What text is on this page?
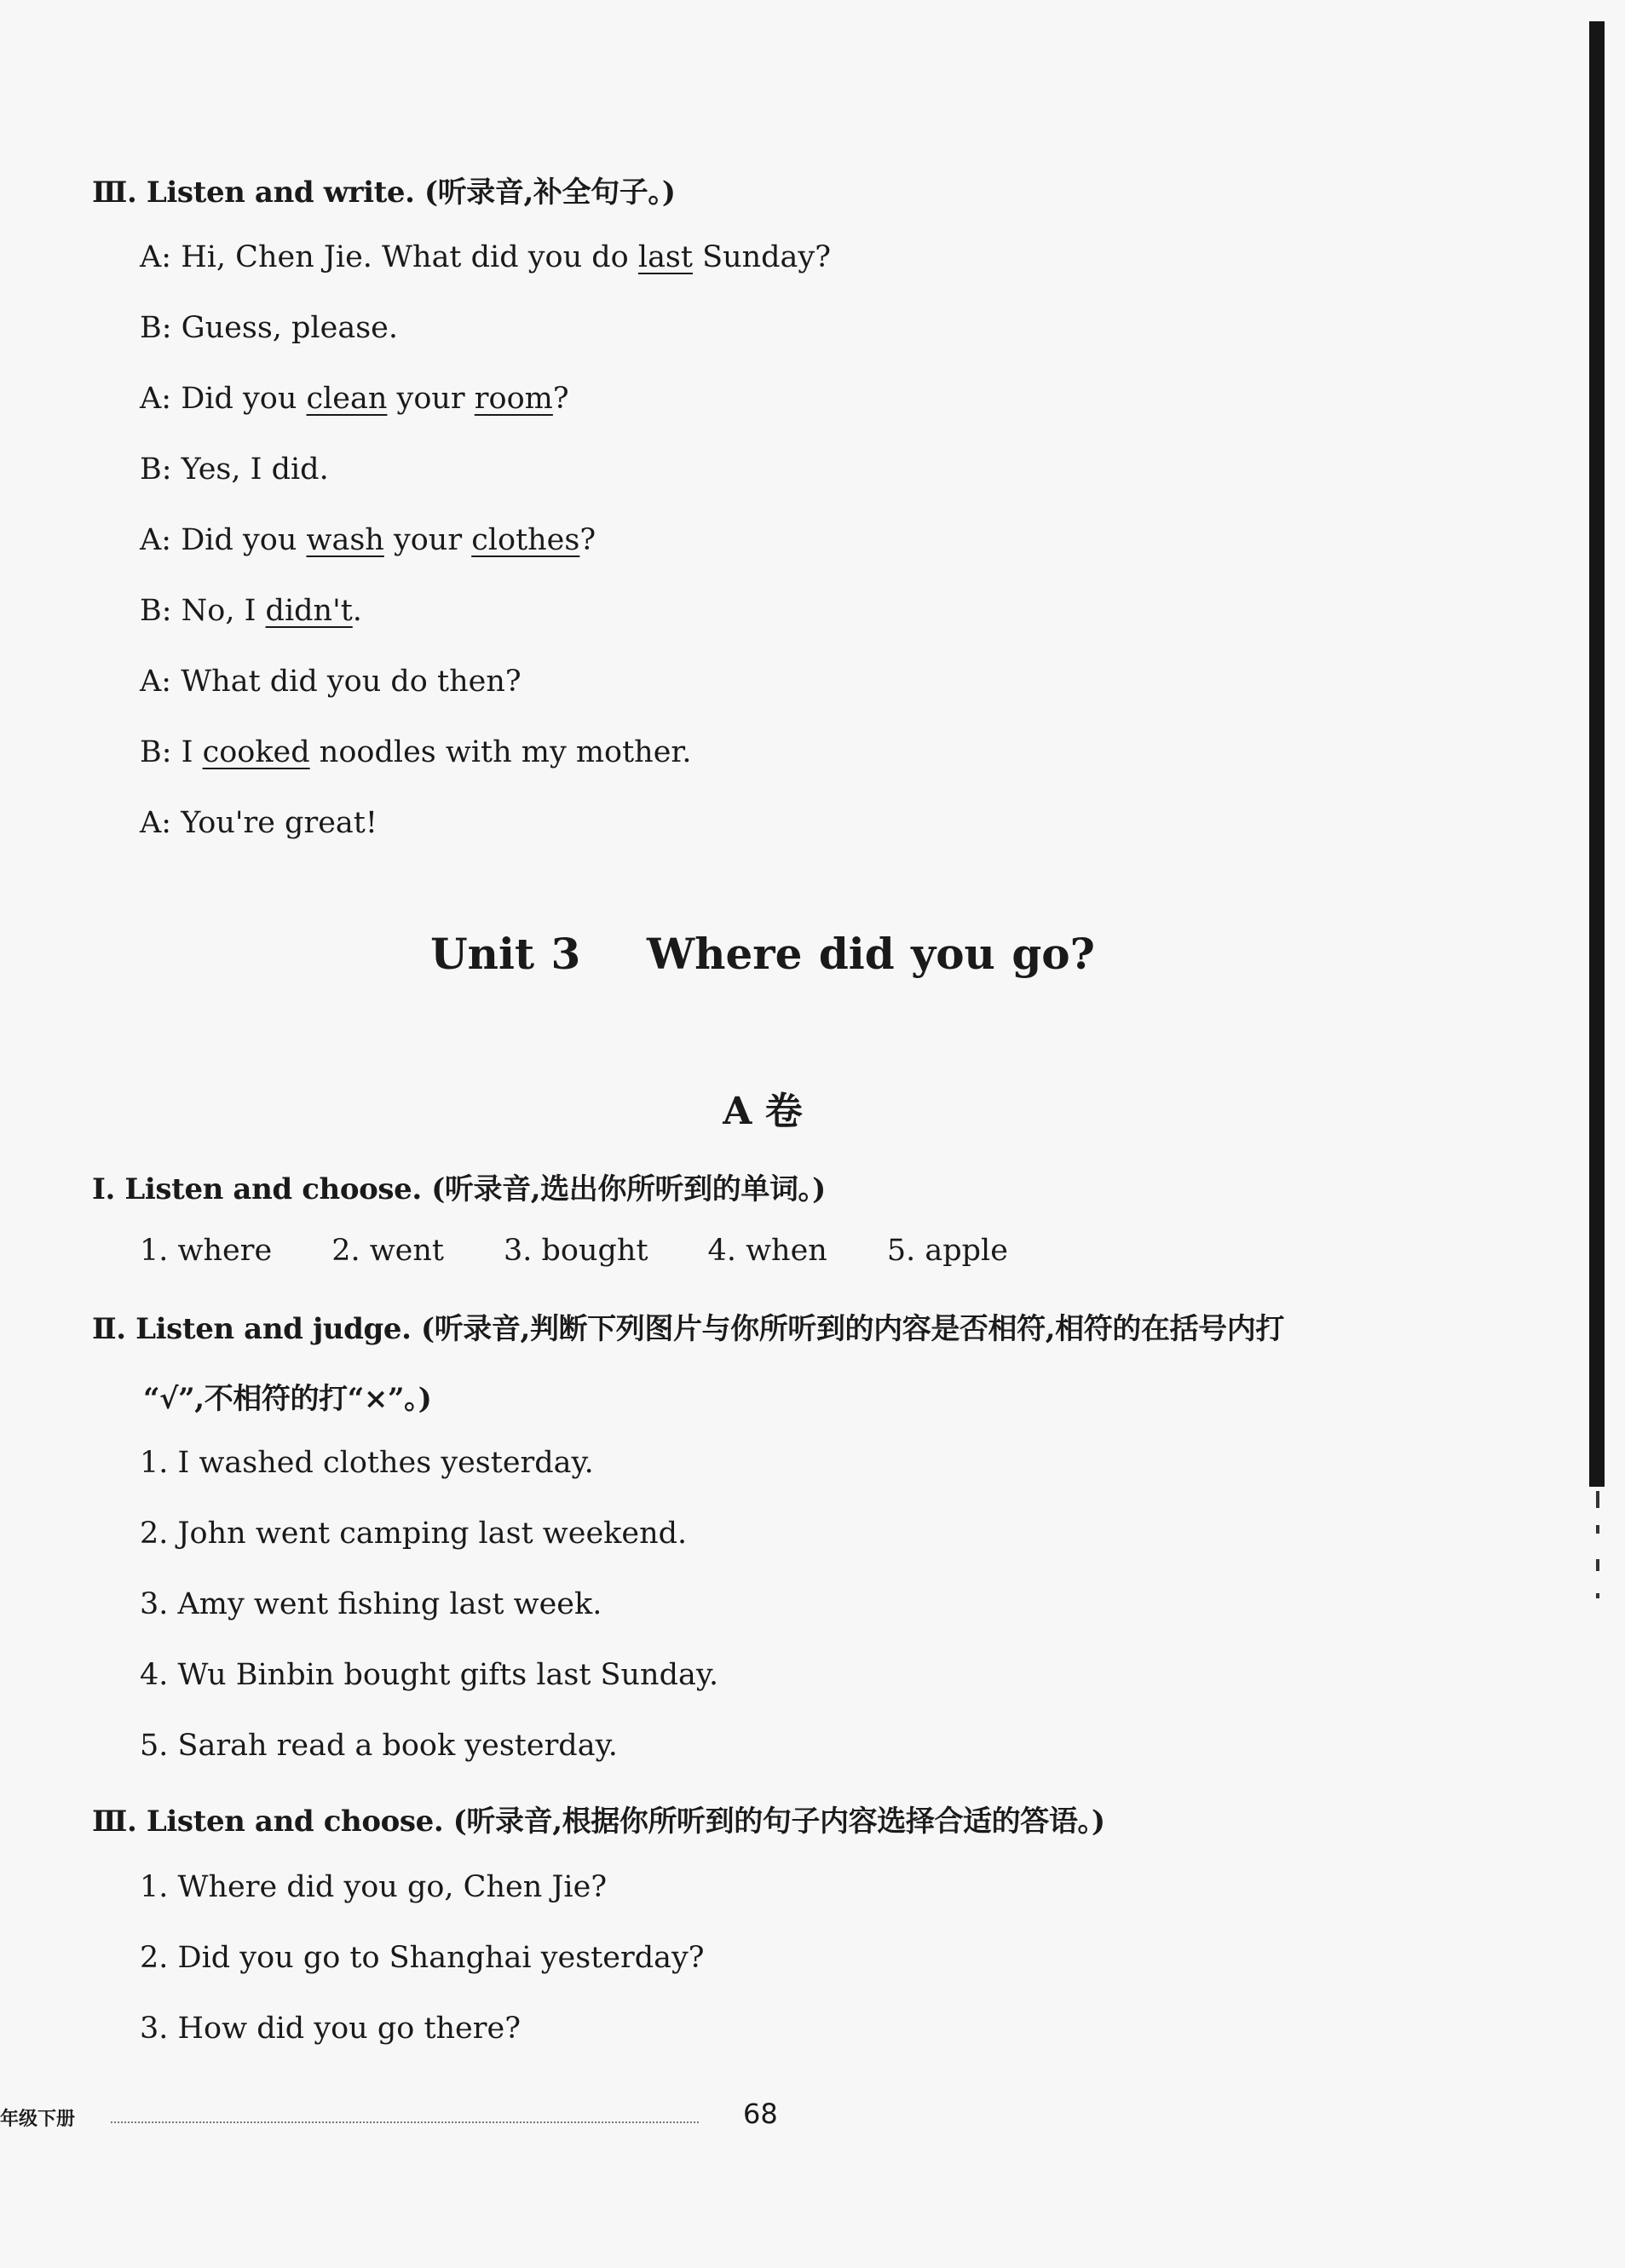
Ⅲ. Listen and write. (听录音,补全句子。)
A: Hi, Chen Jie. What did you do last Sunday?
B: Guess, please.
A: Did you clean your room?
B: Yes, I did.
A: Did you wash your clothes?
B: No, I didn't.
A: What did you do then?
B: I cooked noodles with my mother.
A: You're great!
Unit 3    Where did you go?
A 卷
Ⅰ. Listen and choose. (听录音,选出你所听到的单词。)
1. where 2. went 3. bought 4. when 5. apple
Ⅱ. Listen and judge. (听录音,判断下列图片与你所听到的内容是否相符,相符的在括号内打
“√”,不相符的打“×”。)
1. I washed clothes yesterday.
2. John went camping last weekend.
3. Amy went fishing last week.
4. Wu Binbin bought gifts last Sunday.
5. Sarah read a book yesterday.
Ⅲ. Listen and choose. (听录音,根据你所听到的句子内容选择合适的答语。)
1. Where did you go, Chen Jie?
2. Did you go to Shanghai yesterday?
3. How did you go there?
年级下册	68
